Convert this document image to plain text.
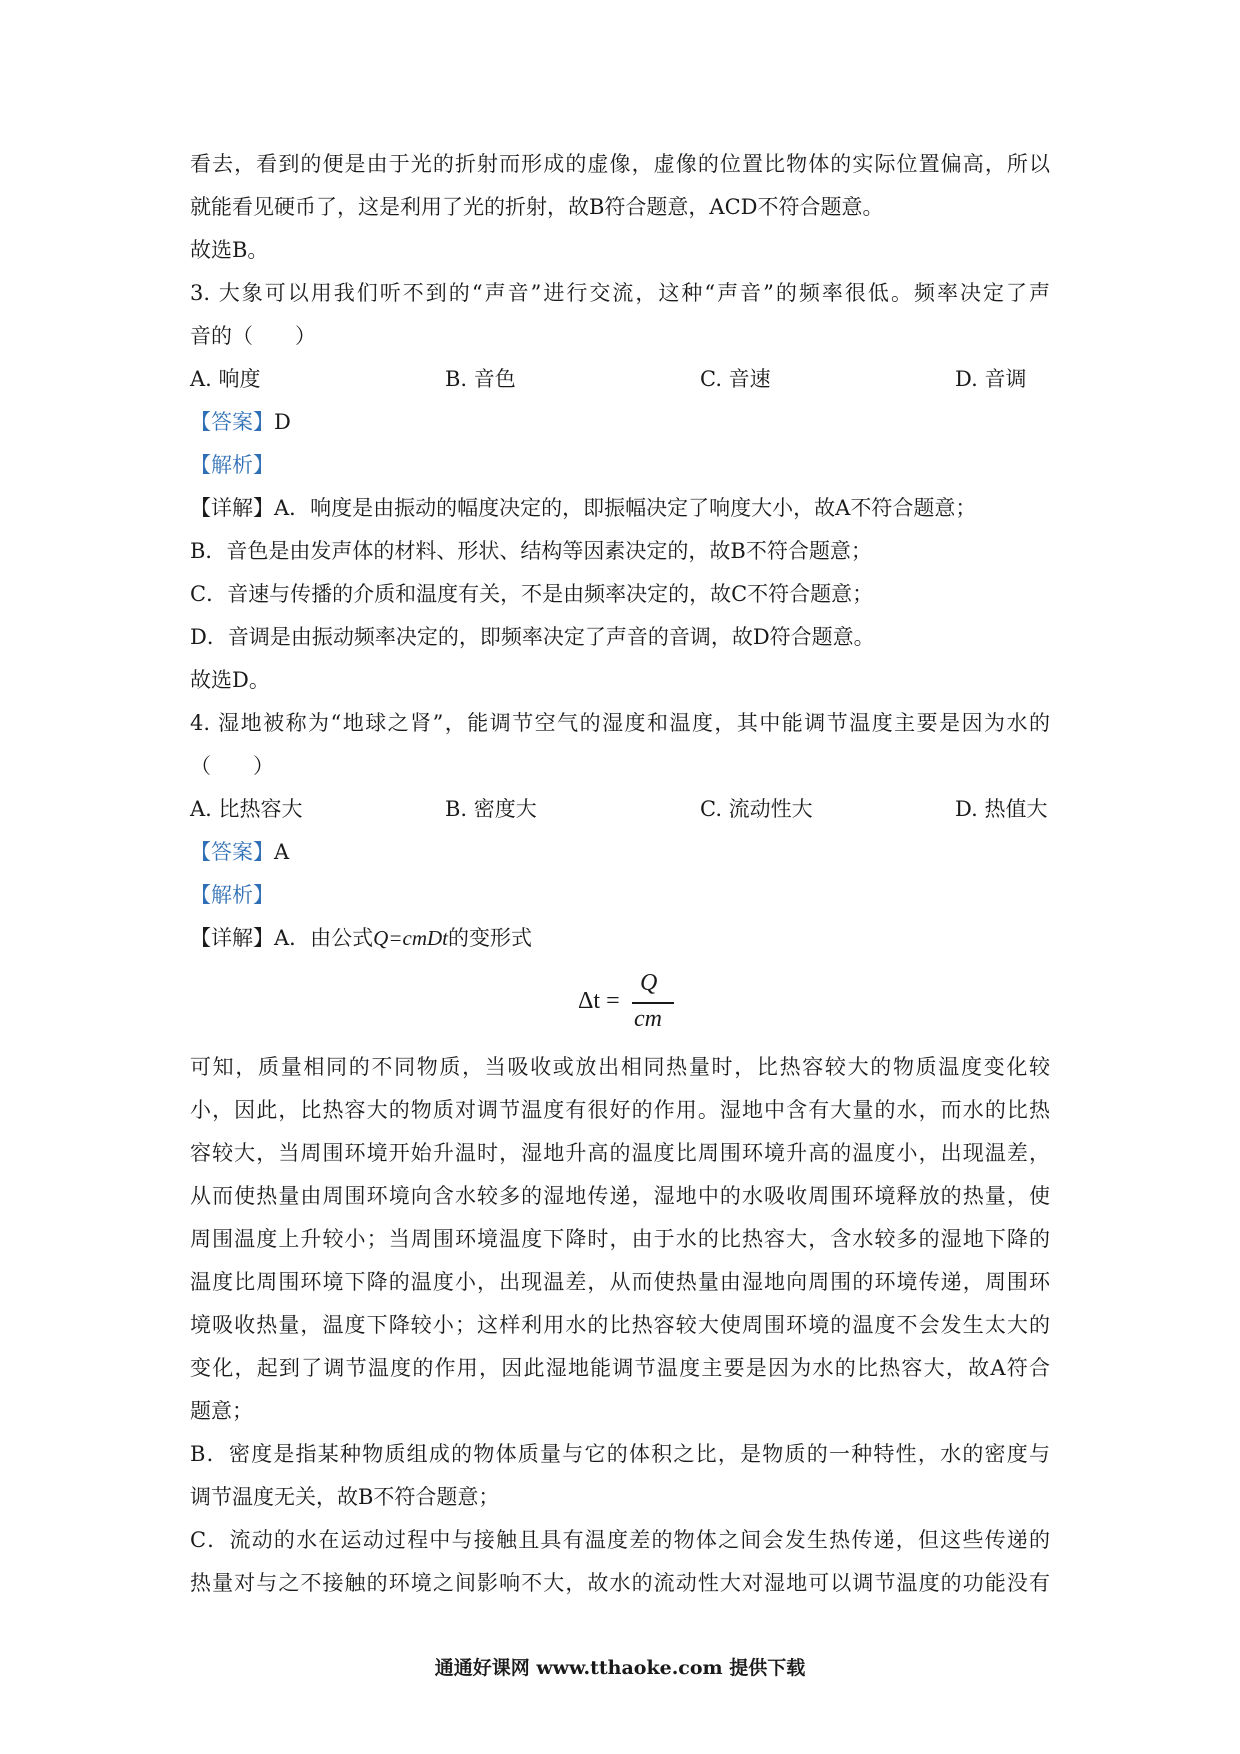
看去，看到的便是由于光的折射而形成的虚像，虚像的位置比物体的实际位置偏高，所以
就能看见硬币了，这是利用了光的折射，故B符合题意，ACD不符合题意。
故选B。
3. 大象可以用我们听不到的“声音”进行交流，这种“声音”的频率很低。频率决定了声
音的（　　）
A. 响度	B. 音色	C. 音速	D. 音调
【答案】D
【解析】
【详解】A．响度是由振动的幅度决定的，即振幅决定了响度大小，故A不符合题意；
B．音色是由发声体的材料、形状、结构等因素决定的，故B不符合题意；
C．音速与传播的介质和温度有关，不是由频率决定的，故C不符合题意；
D．音调是由振动频率决定的，即频率决定了声音的音调，故D符合题意。
故选D。
4. 湿地被称为“地球之肾”，能调节空气的湿度和温度，其中能调节温度主要是因为水的
（　　）
A. 比热容大	B. 密度大	C. 流动性大	D. 热值大
【答案】A
【解析】
【详解】A．由公式Q=cmDt的变形式
Δt =
Q
cm
可知，质量相同的不同物质，当吸收或放出相同热量时，比热容较大的物质温度变化较
小，因此，比热容大的物质对调节温度有很好的作用。湿地中含有大量的水，而水的比热
容较大，当周围环境开始升温时，湿地升高的温度比周围环境升高的温度小，出现温差，
从而使热量由周围环境向含水较多的湿地传递，湿地中的水吸收周围环境释放的热量，使
周围温度上升较小；当周围环境温度下降时，由于水的比热容大，含水较多的湿地下降的
温度比周围环境下降的温度小，出现温差，从而使热量由湿地向周围的环境传递，周围环
境吸收热量，温度下降较小；这样利用水的比热容较大使周围环境的温度不会发生太大的
变化，起到了调节温度的作用，因此湿地能调节温度主要是因为水的比热容大，故A符合
题意；
B．密度是指某种物质组成的物体质量与它的体积之比，是物质的一种特性，水的密度与
调节温度无关，故B不符合题意；
C．流动的水在运动过程中与接触且具有温度差的物体之间会发生热传递，但这些传递的
热量对与之不接触的环境之间影响不大，故水的流动性大对湿地可以调节温度的功能没有
通通好课网 www.tthaoke.com 提供下载
